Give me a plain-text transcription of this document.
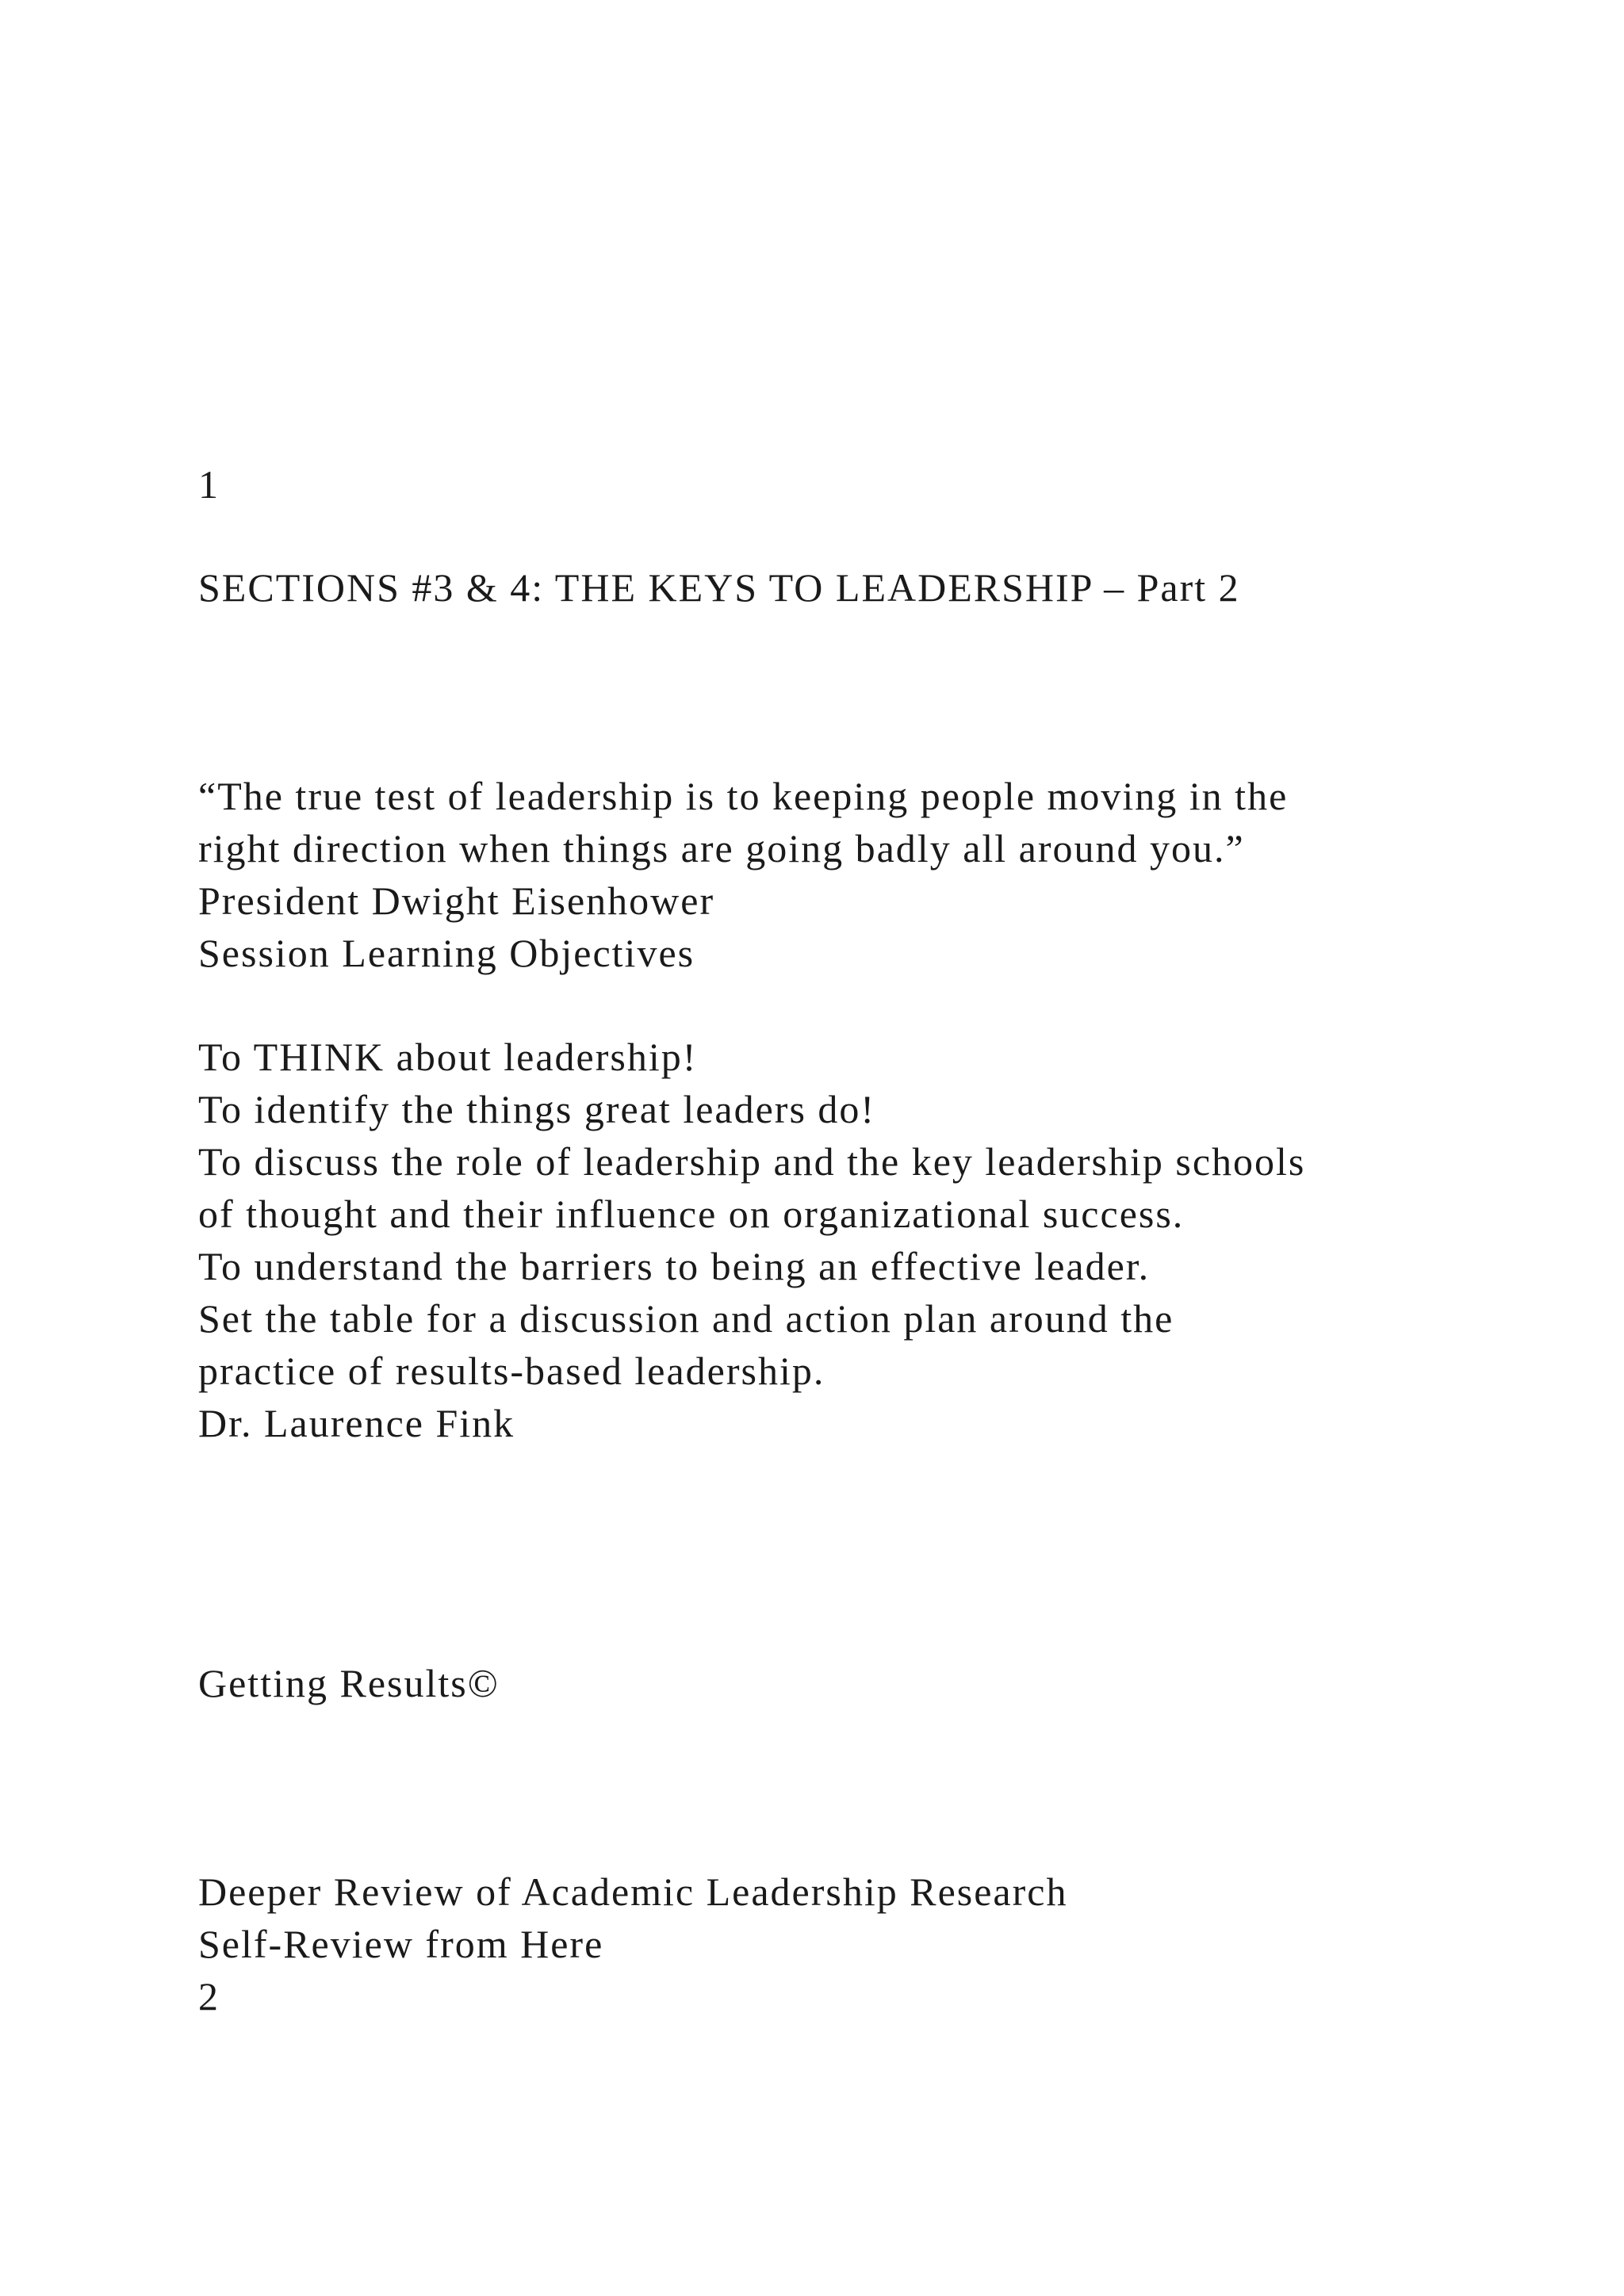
1
SECTIONS #3 & 4: THE KEYS TO LEADERSHIP – Part 2
“The true test of leadership is to keeping people moving in the
right direction when things are going badly all around you.”
President Dwight Eisenhower
Session Learning Objectives
To THINK about leadership!
To identify the things great leaders do!
To discuss the role of leadership and the key leadership schools
of thought and their influence on organizational success.
To understand the barriers to being an effective leader.
Set the table for a discussion and action plan around the
practice of results-based leadership.
Dr. Laurence Fink
Getting Results©
Deeper Review of Academic Leadership Research
Self-Review from Here
2
